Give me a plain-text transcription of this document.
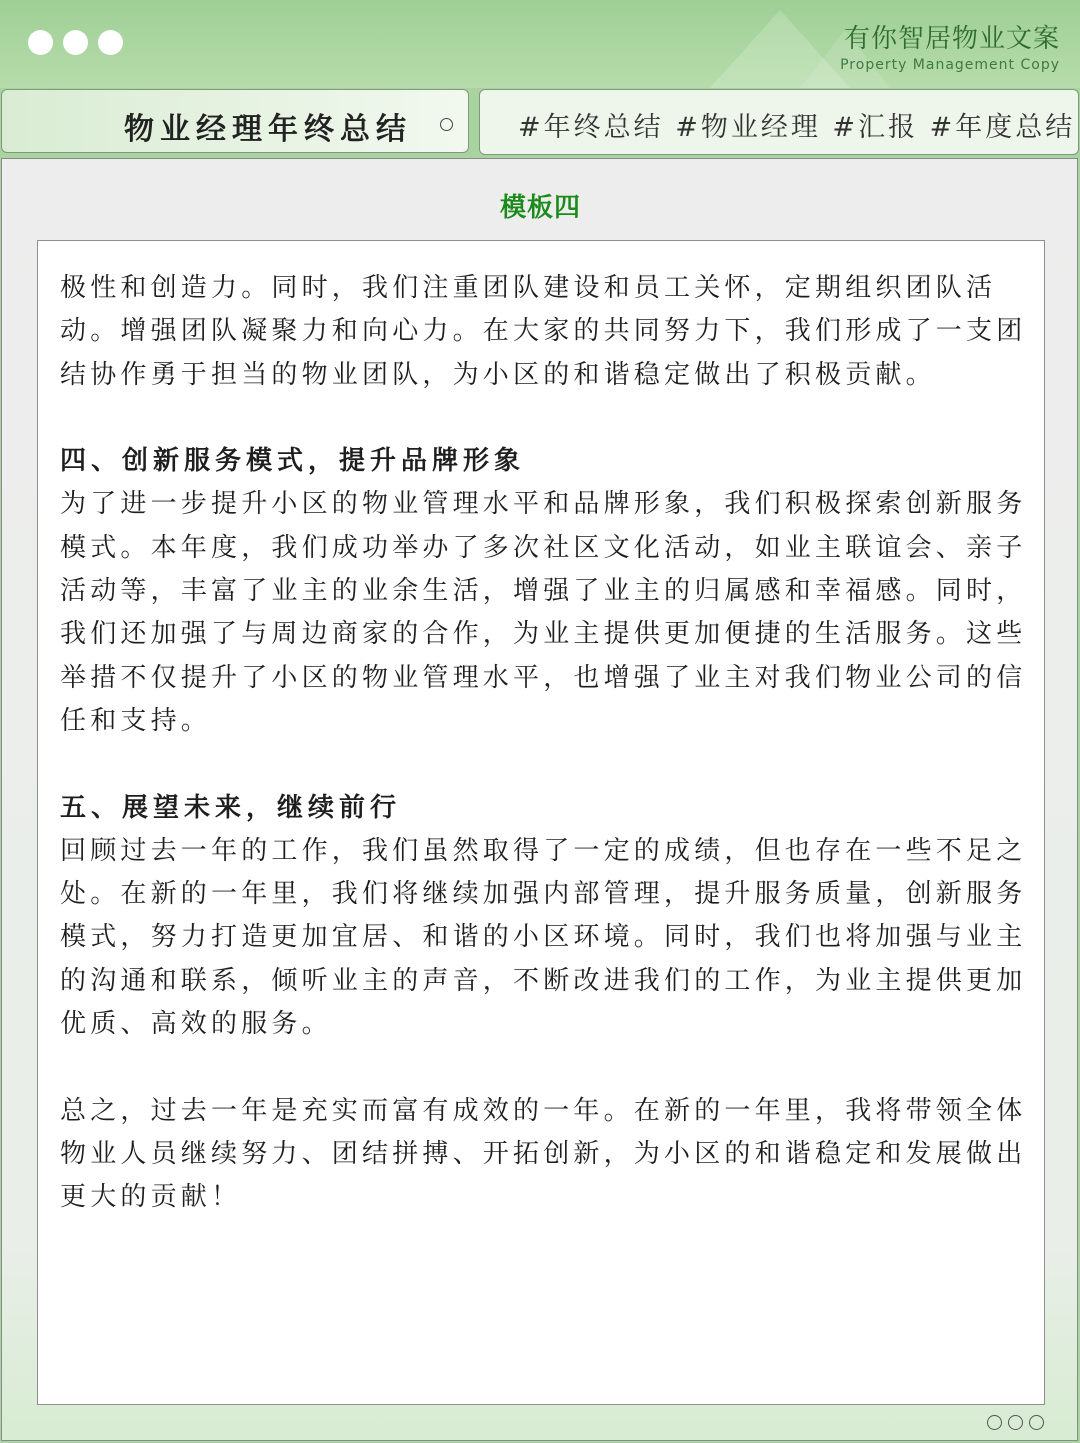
有你智居物业文案
Property Management Copy
物业经理年终总结	#年终总结 #物业经理 #汇报 #年度总结
模板四

极性和创造力。同时，我们注重团队建设和员工关怀，定期组织团队活动。增强团队凝聚力和向心力。在大家的共同努力下，我们形成了一支团结协作勇于担当的物业团队，为小区的和谐稳定做出了积极贡献。

四、创新服务模式，提升品牌形象

为了进一步提升小区的物业管理水平和品牌形象，我们积极探索创新服务模式。本年度，我们成功举办了多次社区文化活动，如业主联谊会、亲子活动等，丰富了业主的业余生活，增强了业主的归属感和幸福感。同时，我们还加强了与周边商家的合作，为业主提供更加便捷的生活服务。这些举措不仅提升了小区的物业管理水平，也增强了业主对我们物业公司的信任和支持。

五、展望未来，继续前行

回顾过去一年的工作，我们虽然取得了一定的成绩，但也存在一些不足之处。在新的一年里，我们将继续加强内部管理，提升服务质量，创新服务模式，努力打造更加宜居、和谐的小区环境。同时，我们也将加强与业主的沟通和联系，倾听业主的声音，不断改进我们的工作，为业主提供更加优质、高效的服务。

总之，过去一年是充实而富有成效的一年。在新的一年里，我将带领全体物业人员继续努力、团结拼搏、开拓创新，为小区的和谐稳定和发展做出更大的贡献！
